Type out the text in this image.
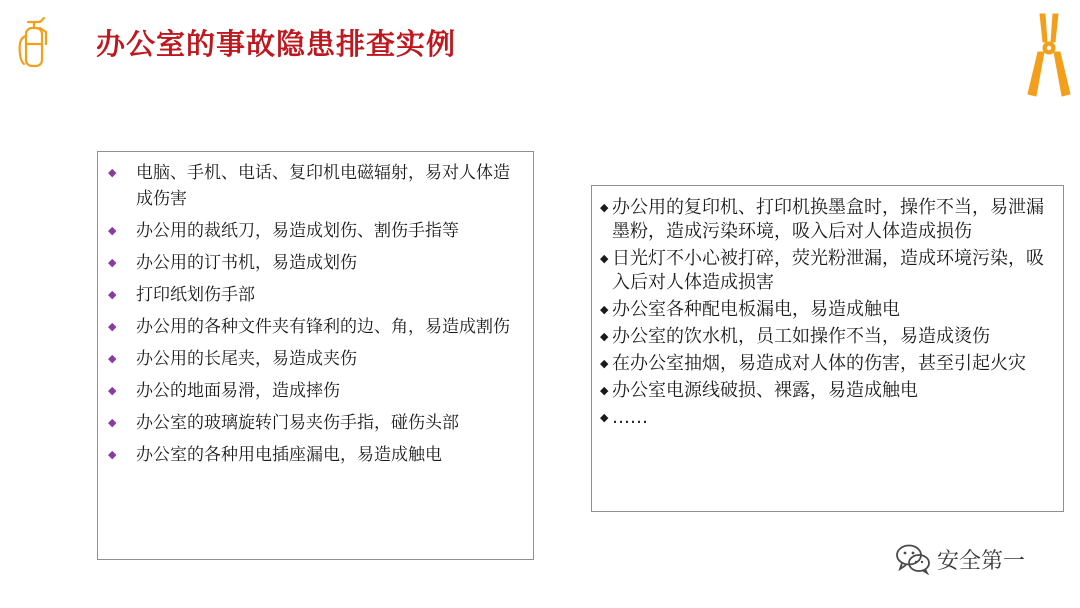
办公室的事故隐患排查实例
◆	电脑、手机、电话、复印机电磁辐射，易对人体造成伤害
◆	办公用的裁纸刀，易造成划伤、割伤手指等
◆	办公用的订书机，易造成划伤
◆	打印纸划伤手部
◆	办公用的各种文件夹有锋利的边、角，易造成割伤
◆	办公用的长尾夹，易造成夹伤
◆	办公的地面易滑，造成摔伤
◆	办公室的玻璃旋转门易夹伤手指，碰伤头部
◆	办公室的各种用电插座漏电，易造成触电
◆ 办公用的复印机、打印机换墨盒时，操作不当，易泄漏墨粉，造成污染环境，吸入后对人体造成损伤
◆ 日光灯不小心被打碎，荧光粉泄漏，造成环境污染，吸入后对人体造成损害
◆ 办公室各种配电板漏电，易造成触电
◆ 办公室的饮水机，员工如操作不当，易造成烫伤
◆ 在办公室抽烟，易造成对人体的伤害，甚至引起火灾
◆ 办公室电源线破损、裸露，易造成触电
◆ ……
安全第一
